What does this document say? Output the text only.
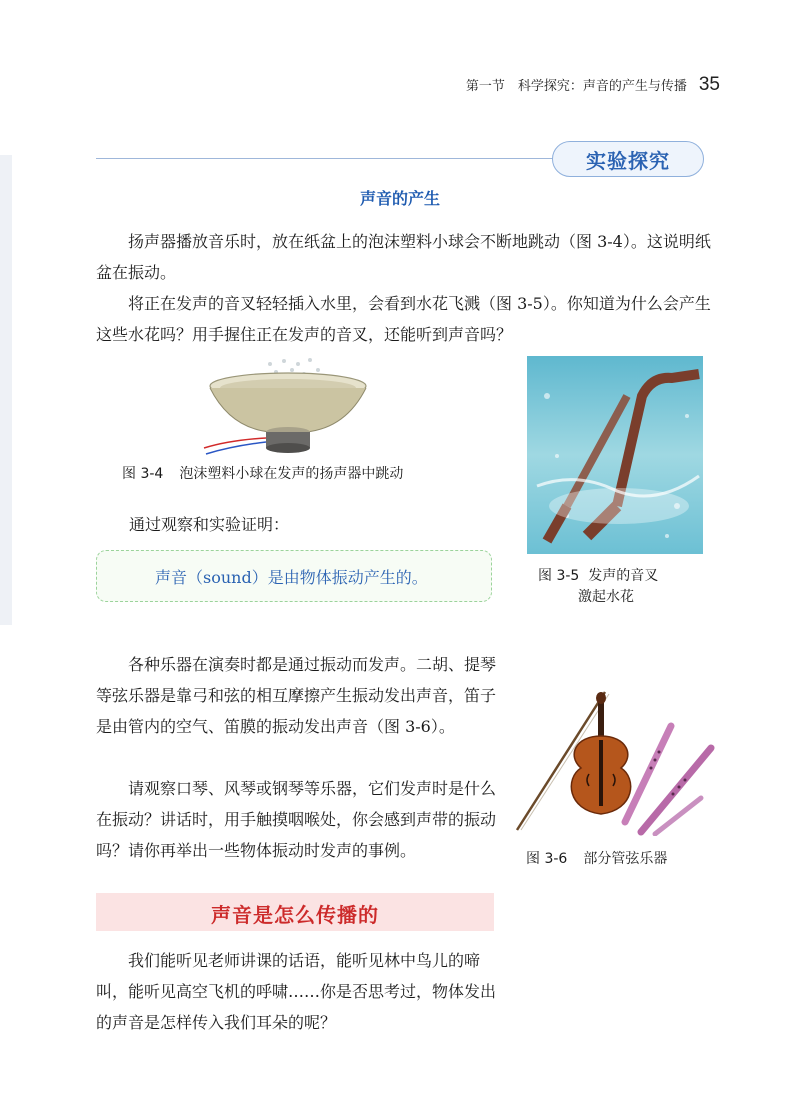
第一节　科学探究：声音的产生与传播 35
实验探究
声音的产生

扬声器播放音乐时，放在纸盆上的泡沫塑料小球会不断地跳动（图 3-4）。这说明纸盆在振动。

将正在发声的音叉轻轻插入水里，会看到水花飞溅（图 3-5）。你知道为什么会产生这些水花吗？用手握住正在发声的音叉，还能听到声音吗？

图 3-4 泡沫塑料小球在发声的扬声器中跳动
图 3-5 发声的音叉
激起水花

通过观察和实验证明：

声音（sound）是由物体振动产生的。

各种乐器在演奏时都是通过振动而发声。二胡、提琴等弦乐器是靠弓和弦的相互摩擦产生振动发出声音，笛子是由管内的空气、笛膜的振动发出声音（图 3-6）。

请观察口琴、风琴或钢琴等乐器，它们发声时是什么在振动？讲话时，用手触摸咽喉处，你会感到声带的振动吗？ 请你再举出一些物体振动时发声的事例。	图 3-6 部分管弦乐器
声音是怎么传播的

我们能听见老师讲课的话语，能听见林中鸟儿的啼叫，能听见高空飞机的呼啸……你是否思考过，物体发出的声音是怎样传入我们耳朵的呢？
